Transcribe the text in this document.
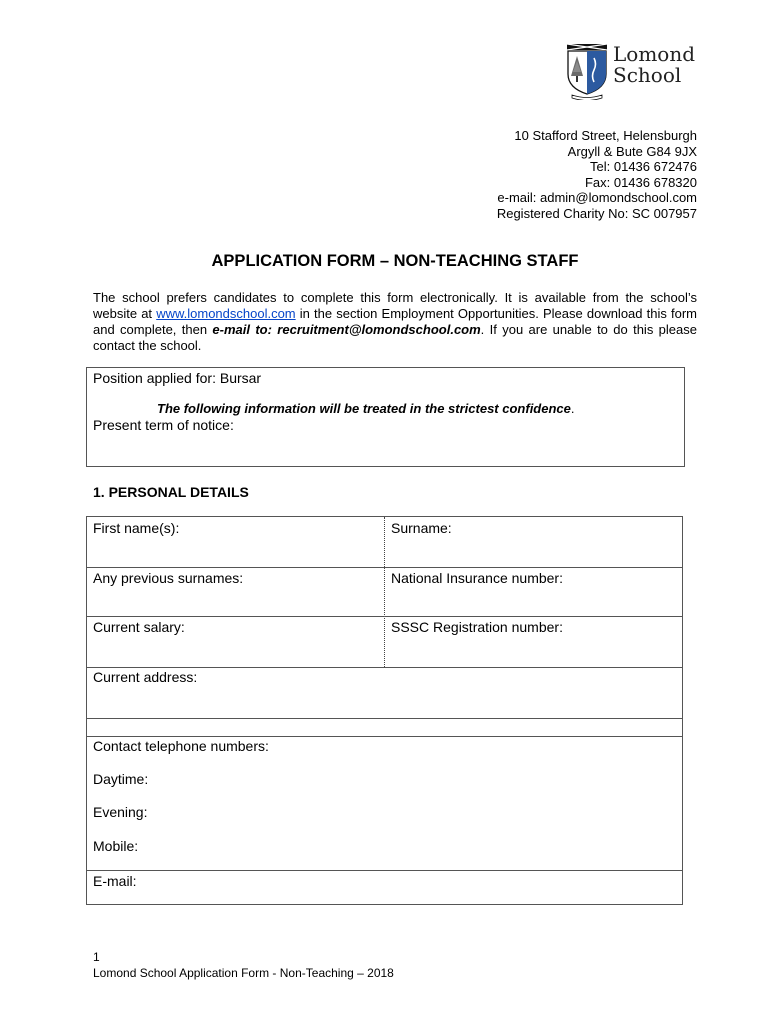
Lomond
School
10 Stafford Street, Helensburgh
Argyll & Bute G84 9JX
Tel: 01436 672476
Fax: 01436 678320
e-mail: admin@lomondschool.com
Registered Charity No: SC 007957
APPLICATION FORM – NON-TEACHING STAFF
The school prefers candidates to complete this form electronically. It is available from the school’s website at www.lomondschool.com in the section Employment Opportunities. Please download this form and complete, then e-mail to: recruitment@lomondschool.com. If you are unable to do this please contact the school.
Position applied for: Bursar
The following information will be treated in the strictest confidence.
Present term of notice:
1. PERSONAL DETAILS
First name(s):	Surname:
Any previous surnames:	National Insurance number:
Current salary:	SSSC Registration number:
Current address:
Contact telephone numbers:
Daytime:
Evening:
Mobile:
E-mail:
1
Lomond School Application Form - Non-Teaching – 2018
